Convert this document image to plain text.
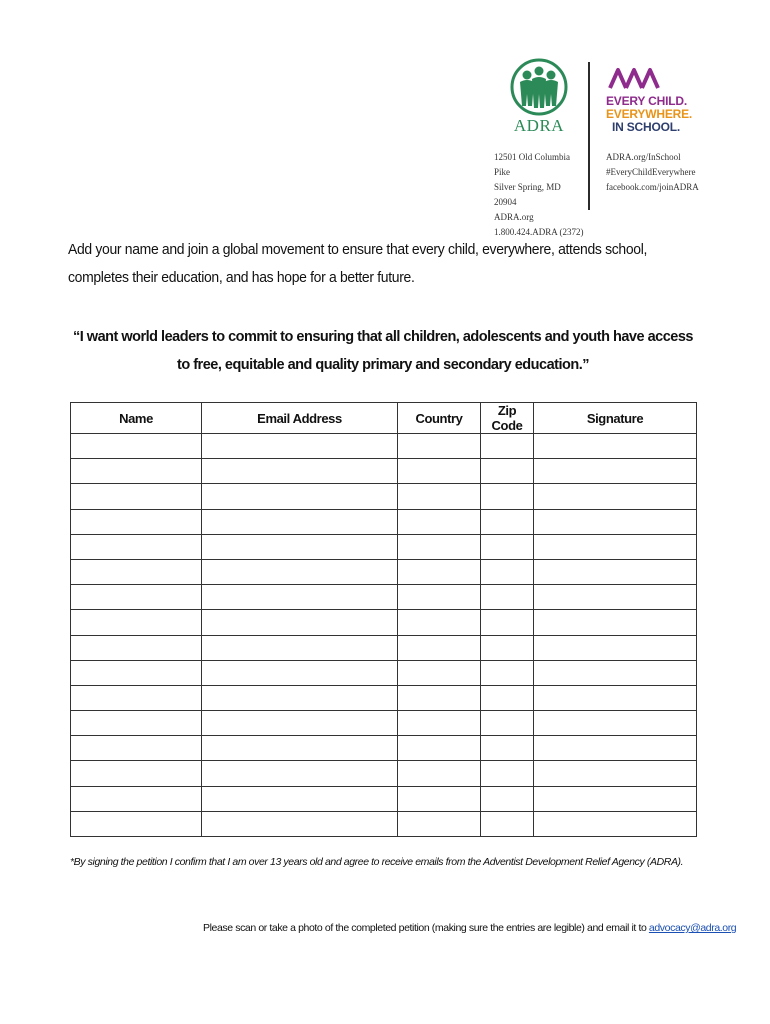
ADRA
EVERY CHILD.
EVERYWHERE.
IN SCHOOL.
12501 Old Columbia Pike
Silver Spring, MD 20904
ADRA.org
1.800.424.ADRA (2372)
ADRA.org/InSchool
#EveryChildEverywhere
facebook.com/joinADRA
Add your name and join a global movement to ensure that every child, everywhere, attends school, completes their education, and has hope for a better future.
“I want world leaders to commit to ensuring that all children, adolescents and youth have access to free, equitable and quality primary and secondary education.”
Name	Email Address	Country	Zip Code	Signature

*By signing the petition I confirm that I am over 13 years old and agree to receive emails from the Adventist Development Relief Agency (ADRA).
Please scan or take a photo of the completed petition (making sure the entries are legible) and email it to advocacy@adra.org
